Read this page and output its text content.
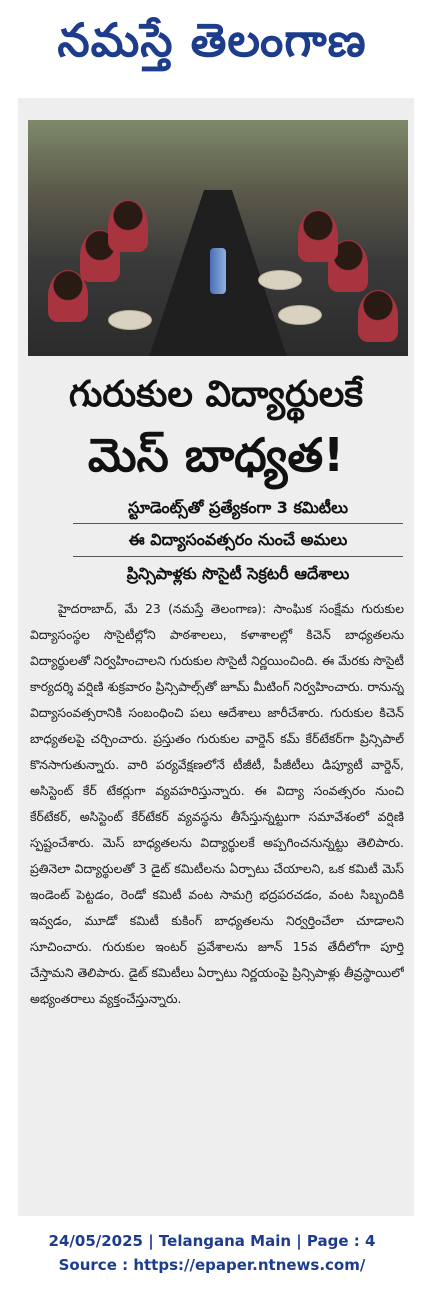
నమస్తే తెలంగాణ
గురుకుల విద్యార్థులకే
మెస్ బాధ్యత!
స్టూడెంట్స్‌తో ప్రత్యేకంగా 3 కమిటీలు
ఈ విద్యాసంవత్సరం నుంచే అమలు
ప్రిన్సిపాళ్లకు సొసైటీ సెక్రటరీ ఆదేశాలు
హైదరాబాద్, మే 23 (నమస్తే తెలంగాణ): సాంఘిక సంక్షేమ గురుకుల విద్యాసంస్థల సొసైటీల్లోని పాఠశాలలు, కళాశాలల్లో కిచెన్ బాధ్యతలను విద్యార్థులతో నిర్వహించాలని గురుకుల సొసైటీ నిర్ణయించింది. ఈ మేరకు సొసైటీ కార్యదర్శి వర్షిణి శుక్రవారం ప్రిన్సిపాల్స్‌తో జూమ్ మీటింగ్ నిర్వహించారు. రానున్న విద్యాసంవత్సరానికి సంబంధించి పలు ఆదేశాలు జారీచేశారు. గురుకుల కిచెన్ బాధ్యతలపై చర్చించారు. ప్రస్తుతం గురుకుల వార్డెన్ కమ్ కేర్‌టేకర్‌గా ప్రిన్సిపాల్ కొనసాగుతున్నారు. వారి పర్యవేక్షణలోనే టీజీటీ, పీజీటీలు డిప్యూటీ వార్డెన్, అసిస్టెంట్ కేర్ టేకర్లుగా వ్యవహరిస్తున్నారు. ఈ విద్యా సంవత్సరం నుంచి కేర్‌టేకర్, అసిస్టెంట్ కేర్‌టేకర్ వ్యవస్థను తీసేస్తున్నట్టుగా సమావేశంలో వర్షిణి స్పష్టంచేశారు. మెస్ బాధ్యతలను విద్యార్థులకే అప్పగించనున్నట్టు తెలిపారు. ప్రతినెలా విద్యార్థులతో 3 డైట్ కమిటీలను ఏర్పాటు చేయాలని, ఒక కమిటీ మెస్ ఇండెంట్ పెట్టడం, రెండో కమిటీ వంట సామగ్రి భద్రపరచడం, వంట సిబ్బందికి ఇవ్వడం, మూడో కమిటీ కుకింగ్ బాధ్యతలను నిర్వర్తించేలా చూడాలని సూచించారు. గురుకుల ఇంటర్ ప్రవేశాలను జూన్ 15వ తేదీలోగా పూర్తి చేస్తామని తెలిపారు. డైట్ కమిటీలు ఏర్పాటు నిర్ణయంపై ప్రిన్సిపాళ్లు తీవ్రస్థాయిలో అభ్యంతరాలు వ్యక్తంచేస్తున్నారు.
24/05/2025 | Telangana Main | Page : 4
Source : https://epaper.ntnews.com/
